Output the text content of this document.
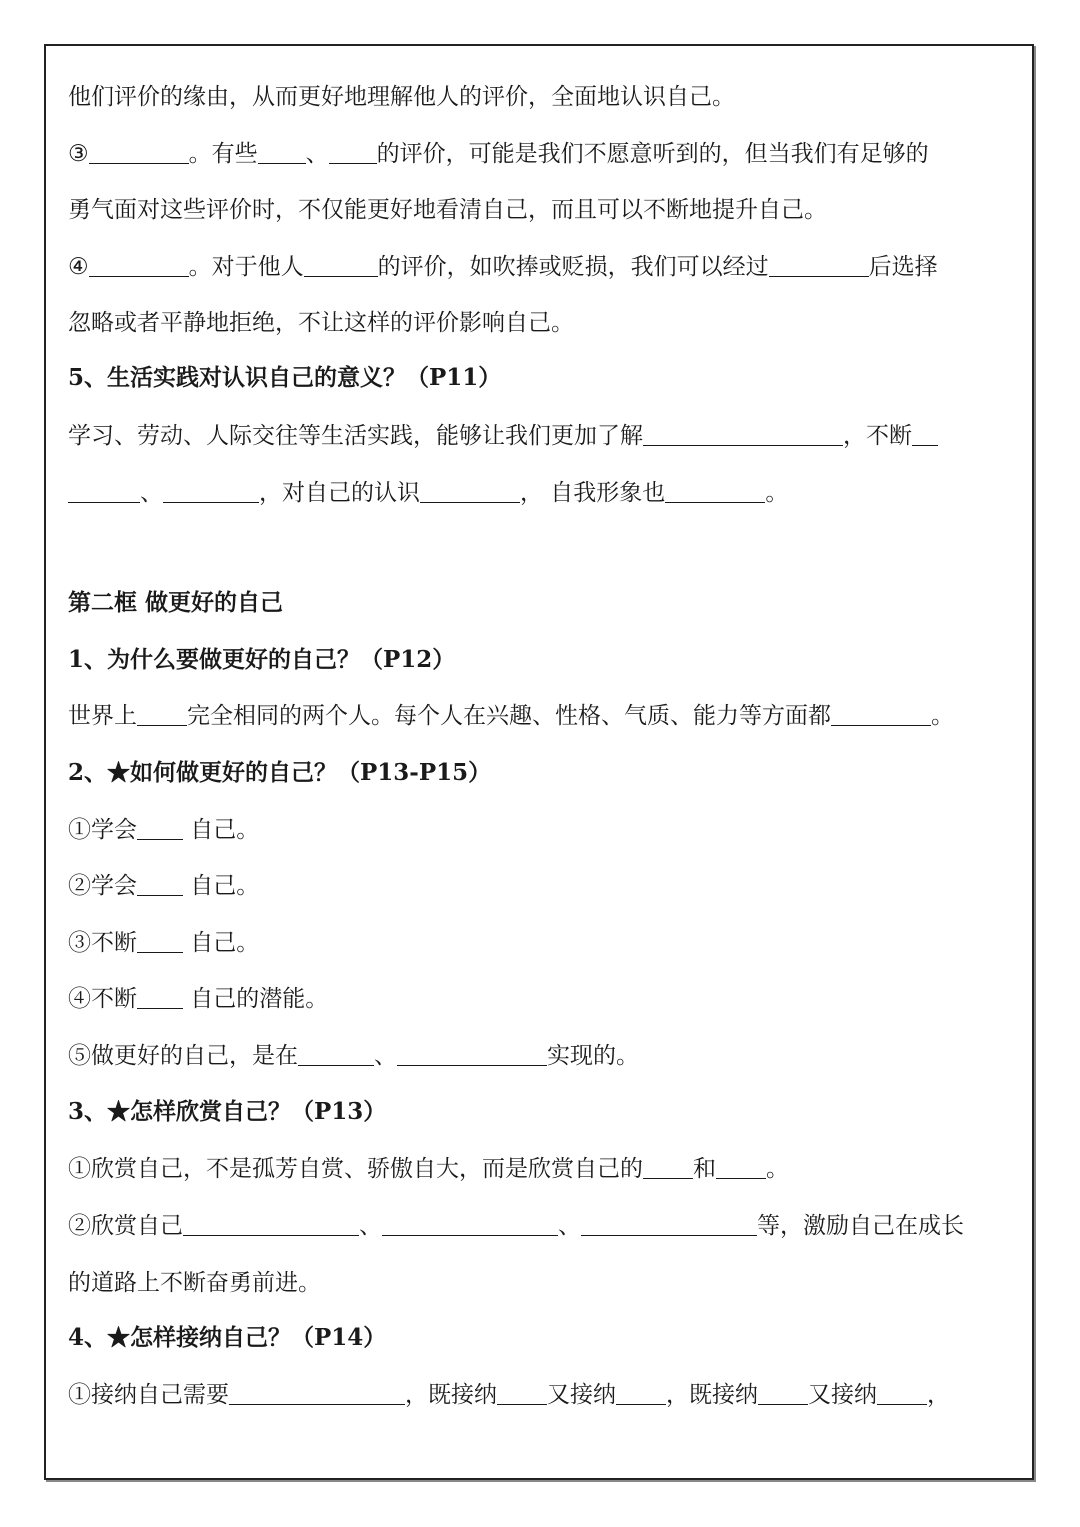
他们评价的缘由，从而更好地理解他人的评价，全面地认识自己。
③	。有些 、 的评价，可能是我们不愿意听到的，但当我们有足够的
勇气面对这些评价时，不仅能更好地看清自己，而且可以不断地提升自己。
④	。对于他人	的评价，如吹捧或贬损，我们可以经过	后选择
忽略或者平静地拒绝，不让这样的评价影响自己。
5、生活实践对认识自己的意义？（P11）
学习、劳动、人际交往等生活实践，能够让我们更加了解	，不断
、	，对自己的认识	， 自我形象也	。
第二框 做更好的自己
1、为什么要做更好的自己？（P12）
世界上 完全相同的两个人。每个人在兴趣、性格、气质、能力等方面都	。
2、★如何做更好的自己？（P13-P15）
①学会 自己。
②学会 自己。
③不断 自己。
④不断 自己的潜能。
⑤做更好的自己，是在	、	实现的。
3、★怎样欣赏自己？（P13）
①欣赏自己，不是孤芳自赏、骄傲自大，而是欣赏自己的 和 。
②欣赏自己	、	、	等，激励自己在成长
的道路上不断奋勇前进。
4、★怎样接纳自己？（P14）
①接纳自己需要	，既接纳 又接纳 ，既接纳 又接纳 ，
